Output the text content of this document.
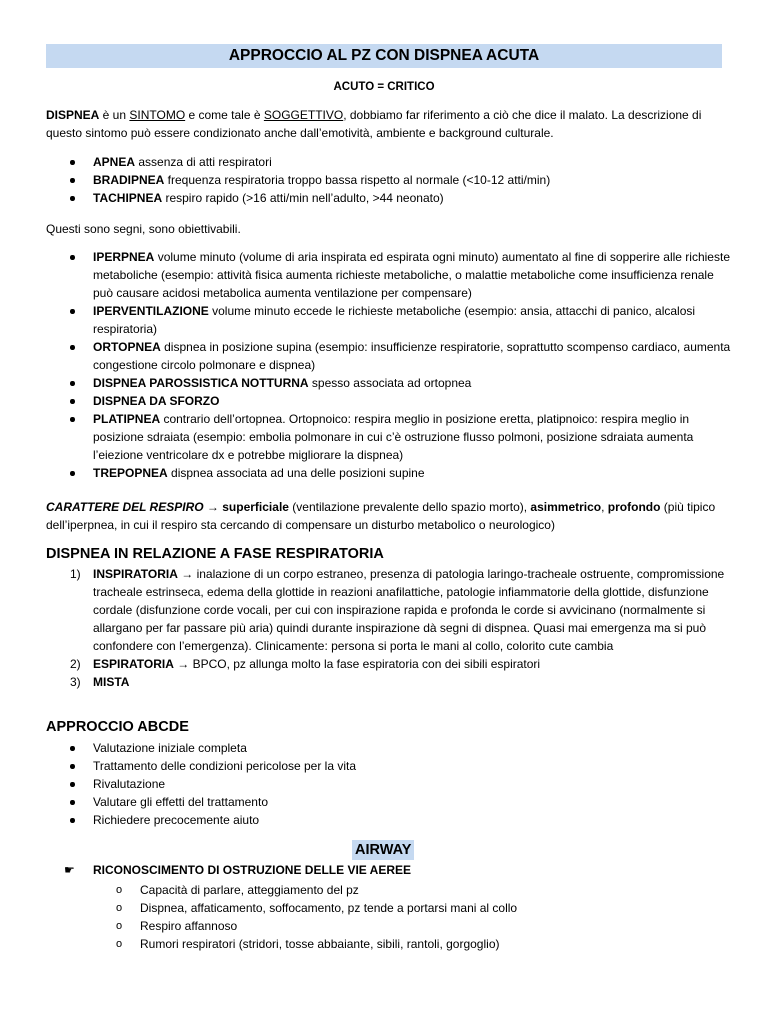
APPROCCIO AL PZ CON DISPNEA ACUTA
ACUTO = CRITICO
DISPNEA è un SINTOMO e come tale è SOGGETTIVO, dobbiamo far riferimento a ciò che dice il malato. La descrizione di questo sintomo può essere condizionato anche dall’emotività, ambiente e background culturale.
APNEA assenza di atti respiratori
BRADIPNEA frequenza respiratoria troppo bassa rispetto al normale (<10-12 atti/min)
TACHIPNEA respiro rapido (>16 atti/min nell’adulto, >44 neonato)
Questi sono segni, sono obiettivabili.
IPERPNEA volume minuto (volume di aria inspirata ed espirata ogni minuto) aumentato al fine di sopperire alle richieste metaboliche (esempio: attività fisica aumenta richieste metaboliche, o malattie metaboliche come insufficienza renale può causare acidosi metabolica aumenta ventilazione per compensare)
IPERVENTILAZIONE volume minuto eccede le richieste metaboliche (esempio: ansia, attacchi di panico, alcalosi respiratoria)
ORTOPNEA dispnea in posizione supina (esempio: insufficienze respiratorie, soprattutto scompenso cardiaco, aumenta congestione circolo polmonare e dispnea)
DISPNEA PAROSSISTICA NOTTURNA spesso associata ad ortopnea
DISPNEA DA SFORZO
PLATIPNEA contrario dell’ortopnea. Ortopnoico: respira meglio in posizione eretta, platipnoico: respira meglio in posizione sdraiata (esempio: embolia polmonare in cui c’è ostruzione flusso polmoni, posizione sdraiata aumenta l’eiezione ventricolare dx e potrebbe migliorare la dispnea)
TREPOPNEA dispnea associata ad una delle posizioni supine
CARATTERE DEL RESPIRO → superficiale (ventilazione prevalente dello spazio morto), asimmetrico, profondo (più tipico dell’iperpnea, in cui il respiro sta cercando di compensare un disturbo metabolico o neurologico)
DISPNEA IN RELAZIONE A FASE RESPIRATORIA
1) INSPIRATORIA → inalazione di un corpo estraneo, presenza di patologia laringo-tracheale ostruente, compromissione tracheale estrinseca, edema della glottide in reazioni anafilattiche, patologie infiammatorie della glottide, disfunzione cordale (disfunzione corde vocali, per cui con inspirazione rapida e profonda le corde si avvicinano (normalmente si allargano per far passare più aria) quindi durante inspirazione dà segni di dispnea. Quasi mai emergenza ma si può confondere con l’emergenza). Clinicamente: persona si porta le mani al collo, colorito cute cambia
2) ESPIRATORIA → BPCO, pz allunga molto la fase espiratoria con dei sibili espiratori
3) MISTA
APPROCCIO ABCDE
Valutazione iniziale completa
Trattamento delle condizioni pericolose per la vita
Rivalutazione
Valutare gli effetti del trattamento
Richiedere precocemente aiuto
AIRWAY
☛ RICONOSCIMENTO DI OSTRUZIONE DELLE VIE AEREE
o Capacità di parlare, atteggiamento del pz
o Dispnea, affaticamento, soffocamento, pz tende a portarsi mani al collo
o Respiro affannoso
o Rumori respiratori (stridori, tosse abbaiante, sibili, rantoli, gorgoglio)
